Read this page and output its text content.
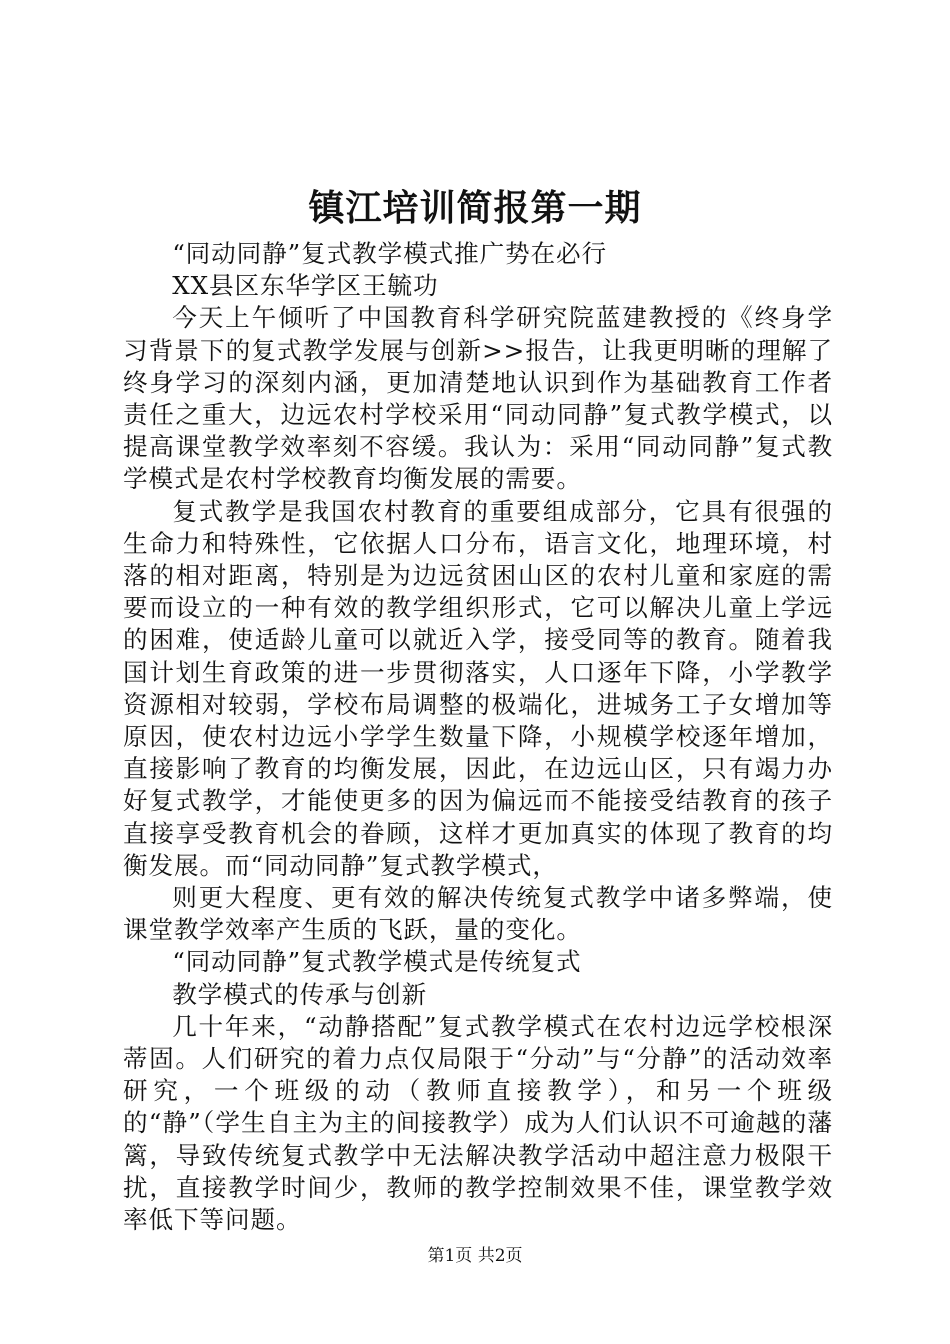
镇江培训简报第一期

“同动同静”复式教学模式推广势在必行

XX县区东华学区王毓功

今天上午倾听了中国教育科学研究院蓝建教授的《终身学习背景下的复式教学发展与创新>>报告，让我更明晰的理解了终身学习的深刻内涵，更加清楚地认识到作为基础教育工作者责任之重大，边远农村学校采用“同动同静”复式教学模式，以提高课堂教学效率刻不容缓。我认为：采用“同动同静”复式教学模式是农村学校教育均衡发展的需要。

复式教学是我国农村教育的重要组成部分，它具有很强的生命力和特殊性，它依据人口分布，语言文化，地理环境，村落的相对距离，特别是为边远贫困山区的农村儿童和家庭的需要而设立的一种有效的教学组织形式，它可以解决儿童上学远的困难，使适龄儿童可以就近入学，接受同等的教育。随着我国计划生育政策的进一步贯彻落实，人口逐年下降，小学教学资源相对较弱，学校布局调整的极端化，进城务工子女增加等原因，使农村边远小学学生数量下降，小规模学校逐年增加，直接影响了教育的均衡发展，因此，在边远山区，只有竭力办好复式教学，才能使更多的因为偏远而不能接受结教育的孩子直接享受教育机会的眷顾，这样才更加真实的体现了教育的均衡发展。而“同动同静”复式教学模式，

则更大程度、更有效的解决传统复式教学中诸多弊端，使课堂教学效率产生质的飞跃，量的变化。

“同动同静”复式教学模式是传统复式

教学模式的传承与创新

几十年来，“动静搭配”复式教学模式在农村边远学校根深蒂固。人们研究的着力点仅局限于“分动”与“分静”的活动效率研究，一个班级的动（教师直接教学），和另一个班级的“静”（学生自主为主的间接教学）成为人们认识不可逾越的藩篱，导致传统复式教学中无法解决教学活动中超注意力极限干扰，直接教学时间少，教师的教学控制效果不佳，课堂教学效率低下等问题。

第1页 共2页
